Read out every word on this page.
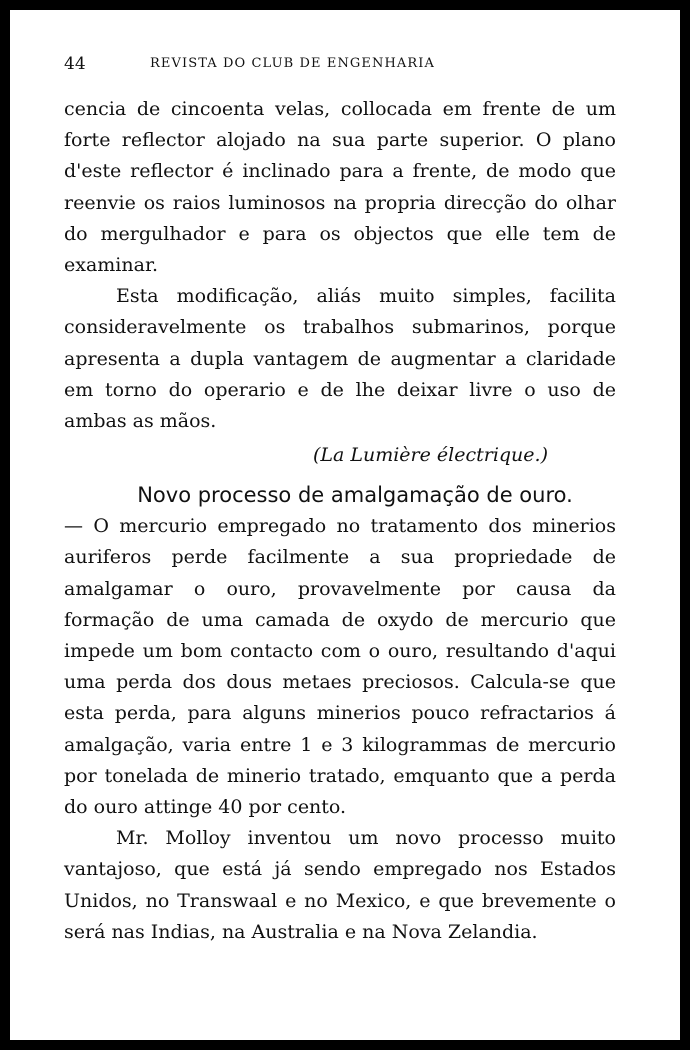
44	REVISTA DO CLUB DE ENGENHARIA

cencia de cincoenta velas, collocada em frente de um forte reflector alojado na sua parte superior. O plano d'este reflector é inclinado para a frente, de modo que reenvie os raios luminosos na propria direcção do olhar do mergulhador e para os objectos que elle tem de examinar.

Esta modificação, aliás muito simples, facilita consideravelmente os trabalhos submarinos, porque apresenta a dupla vantagem de augmentar a claridade em torno do operario e de lhe deixar livre o uso de ambas as mãos.

(La Lumière électrique.)

Novo processo de amalgamação de ouro.

— O mercurio empregado no tratamento dos minerios auriferos perde facilmente a sua propriedade de amalgamar o ouro, provavelmente por causa da formação de uma camada de oxydo de mercurio que impede um bom contacto com o ouro, resultando d'aqui uma perda dos dous metaes preciosos. Calcula-se que esta perda, para alguns minerios pouco refractarios á amalgação, varia entre 1 e 3 kilogrammas de mercurio por tonelada de minerio tratado, emquanto que a perda do ouro attinge 40 por cento.

Mr. Molloy inventou um novo processo muito vantajoso, que está já sendo empregado nos Estados Unidos, no Transwaal e no Mexico, e que brevemente o será nas Indias, na Australia e na Nova Zelandia.
